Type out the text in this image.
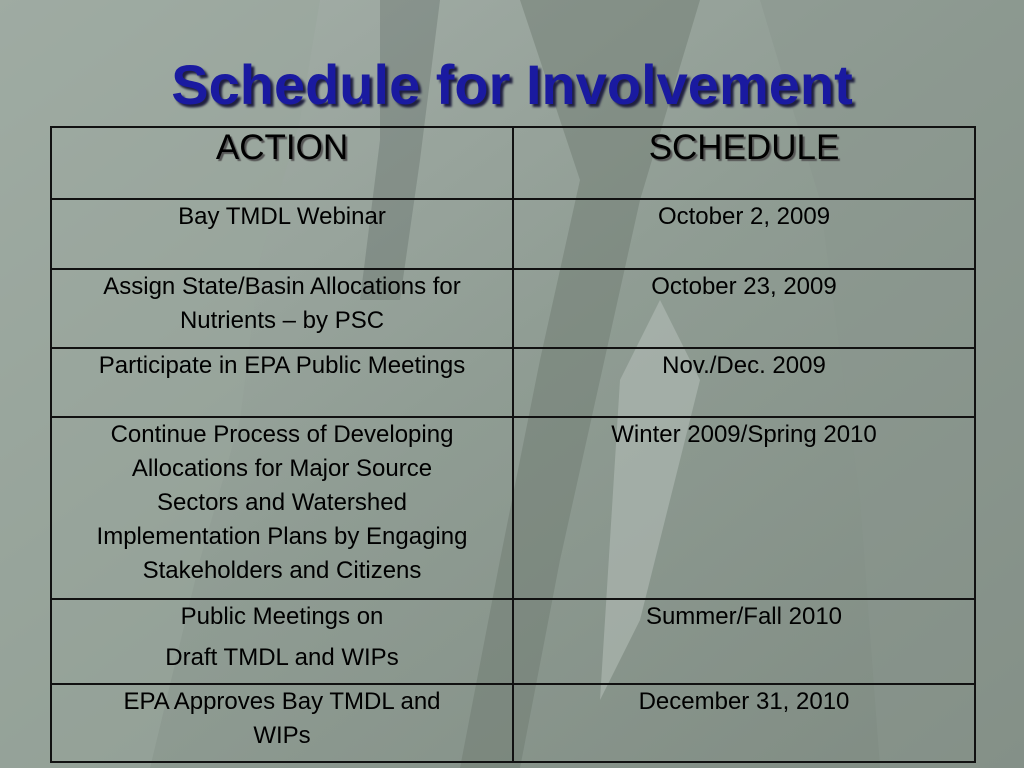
Schedule for Involvement
ACTION	SCHEDULE
Bay TMDL Webinar	October 2, 2009

Assign State/Basin Allocations for
Nutrients – by PSC	October 23, 2009
Participate in EPA Public Meetings	Nov./Dec. 2009

Continue Process of Developing
Allocations for Major Source
Sectors and Watershed
Implementation Plans by Engaging
Stakeholders and Citizens	Winter 2009/Spring 2010

Public Meetings on
Draft TMDL and WIPs	Summer/Fall 2010

EPA Approves Bay TMDL and
WIPs	December 31, 2010
